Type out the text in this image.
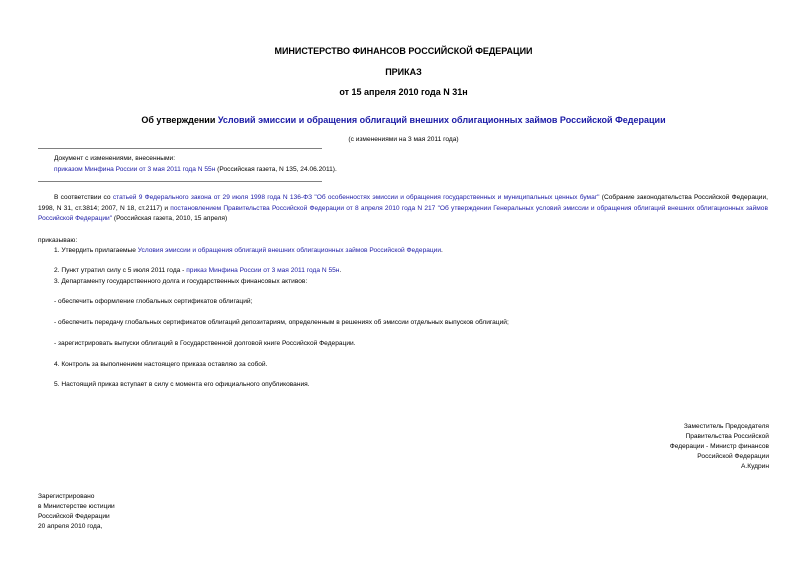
МИНИСТЕРСТВО ФИНАНСОВ РОССИЙСКОЙ ФЕДЕРАЦИИ
ПРИКАЗ
от 15 апреля 2010 года N 31н
Об утверждении Условий эмиссии и обращения облигаций внешних облигационных займов Российской Федерации
(с изменениями на 3 мая 2011 года)
Документ с изменениями, внесенными:
приказом Минфина России от 3 мая 2011 года N 55н (Российская газета, N 135, 24.06.2011).
В соответствии со статьей 9 Федерального закона от 29 июля 1998 года N 136-ФЗ "Об особенностях эмиссии и обращения государственных и муниципальных ценных бумаг" (Собрание законодательства Российской Федерации, 1998, N 31, ст.3814; 2007, N 18, ст.2117) и постановлением Правительства Российской Федерации от 8 апреля 2010 года N 217 "Об утверждении Генеральных условий эмиссии и обращения облигаций внешних облигационных займов Российской Федерации" (Российская газета, 2010, 15 апреля)
приказываю:
1. Утвердить прилагаемые Условия эмиссии и обращения облигаций внешних облигационных займов Российской Федерации.
2. Пункт утратил силу с 5 июля 2011 года - приказ Минфина России от 3 мая 2011 года N 55н.
3. Департаменту государственного долга и государственных финансовых активов:
- обеспечить оформление глобальных сертификатов облигаций;
- обеспечить передачу глобальных сертификатов облигаций депозитариям, определенным в решениях об эмиссии отдельных выпусков облигаций;
- зарегистрировать выпуски облигаций в Государственной долговой книге Российской Федерации.
4. Контроль за выполнением настоящего приказа оставляю за собой.
5. Настоящий приказ вступает в силу с момента его официального опубликования.
Заместитель Председателя
Правительства Российской
Федерации - Министр финансов
Российской Федерации
А.Кудрин
Зарегистрировано
в Министерстве юстиции
Российской Федерации
20 апреля 2010 года,
